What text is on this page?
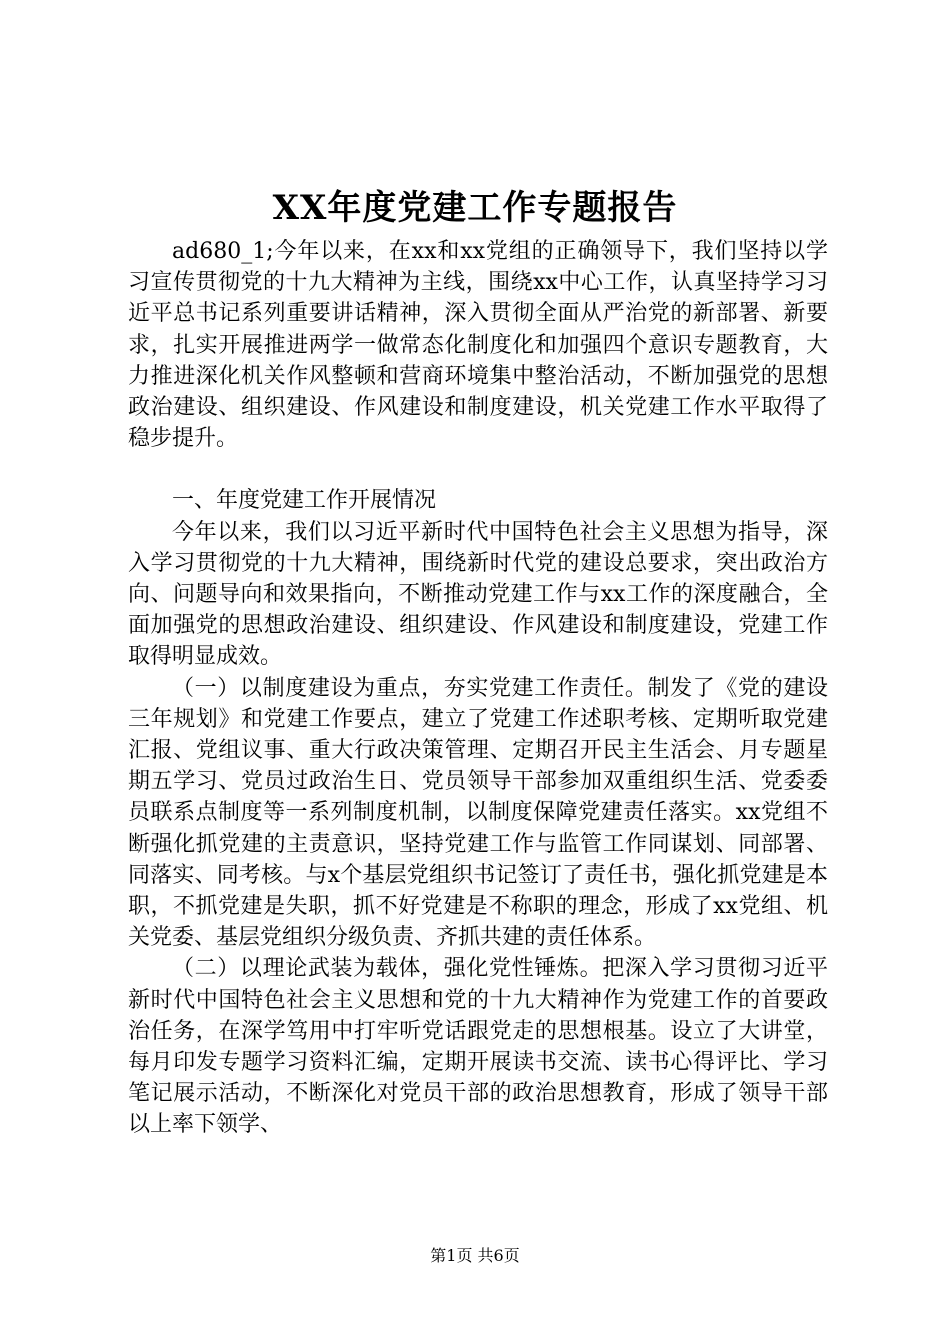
XX年度党建工作专题报告

ad680_1;今年以来，在xx和xx党组的正确领导下，我们坚持以学习宣传贯彻党的十九大精神为主线，围绕xx中心工作，认真坚持学习习近平总书记系列重要讲话精神，深入贯彻全面从严治党的新部署、新要求，扎实开展推进两学一做常态化制度化和加强四个意识专题教育，大力推进深化机关作风整顿和营商环境集中整治活动，不断加强党的思想政治建设、组织建设、作风建设和制度建设，机关党建工作水平取得了稳步提升。

一、年度党建工作开展情况

今年以来，我们以习近平新时代中国特色社会主义思想为指导，深入学习贯彻党的十九大精神，围绕新时代党的建设总要求，突出政治方向、问题导向和效果指向，不断推动党建工作与xx工作的深度融合，全面加强党的思想政治建设、组织建设、作风建设和制度建设，党建工作取得明显成效。

（一）以制度建设为重点，夯实党建工作责任。制发了《党的建设三年规划》和党建工作要点，建立了党建工作述职考核、定期听取党建汇报、党组议事、重大行政决策管理、定期召开民主生活会、月专题星期五学习、党员过政治生日、党员领导干部参加双重组织生活、党委委员联系点制度等一系列制度机制，以制度保障党建责任落实。xx党组不断强化抓党建的主责意识，坚持党建工作与监管工作同谋划、同部署、同落实、同考核。与x个基层党组织书记签订了责任书，强化抓党建是本职，不抓党建是失职，抓不好党建是不称职的理念，形成了xx党组、机关党委、基层党组织分级负责、齐抓共建的责任体系。

（二）以理论武装为载体，强化党性锤炼。把深入学习贯彻习近平新时代中国特色社会主义思想和党的十九大精神作为党建工作的首要政治任务，在深学笃用中打牢听党话跟党走的思想根基。设立了大讲堂，每月印发专题学习资料汇编，定期开展读书交流、读书心得评比、学习笔记展示活动，不断深化对党员干部的政治思想教育，形成了领导干部以上率下领学、

第1页 共6页
